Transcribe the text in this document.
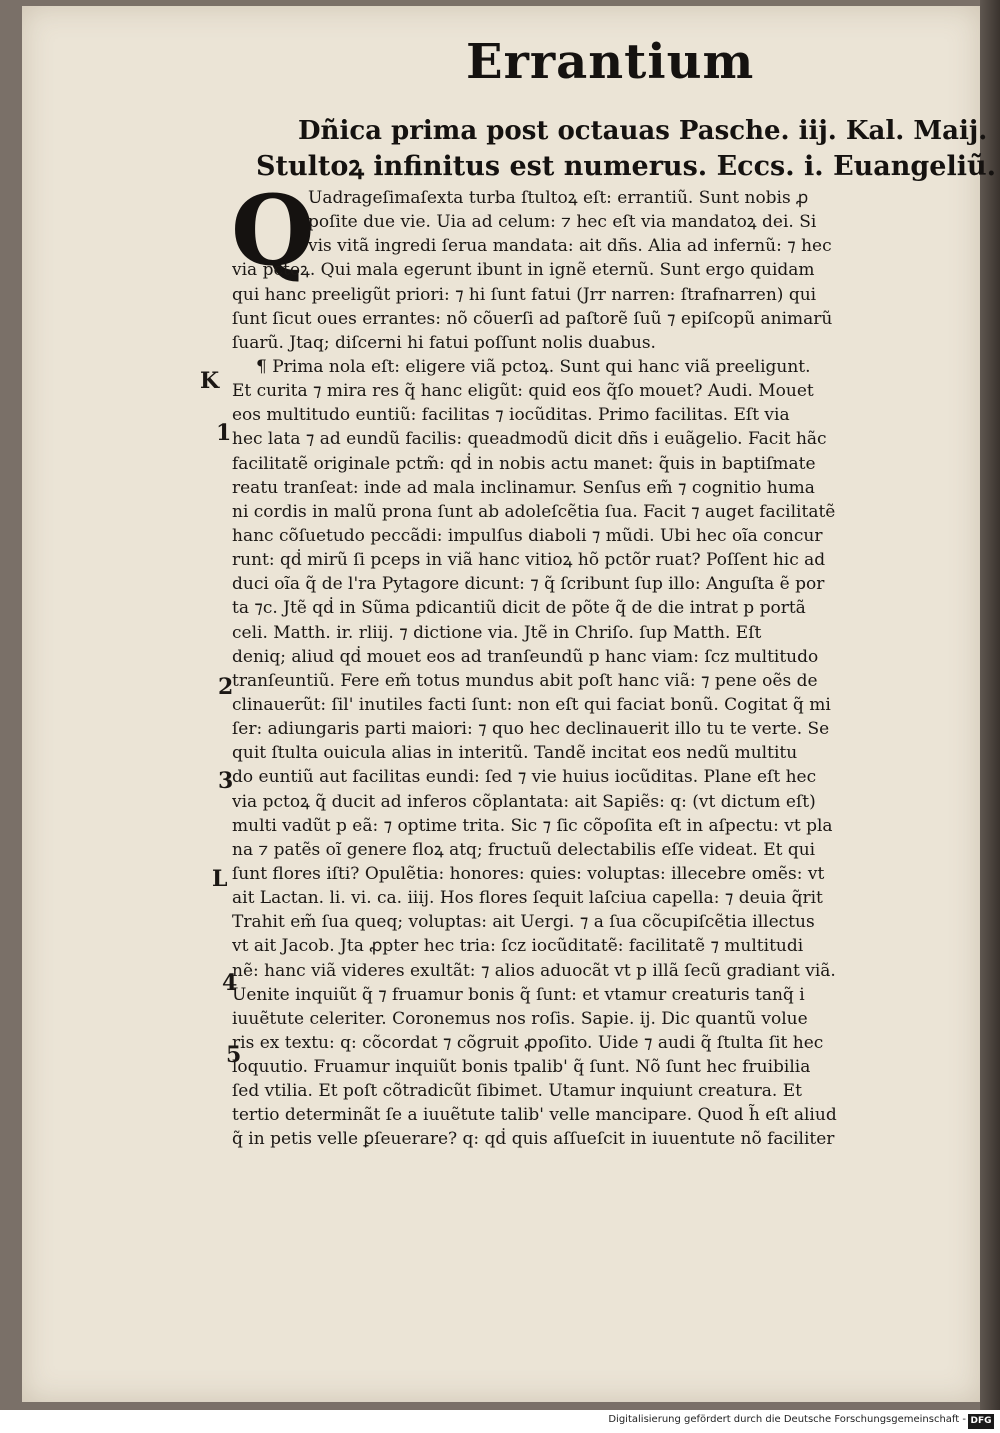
Errantium
Dñica prima post octauas Pasche. iij. Kal. Maij.
Stultoꝝ infinitus est numerus. Eccs. i. Euangeliũ.
Q
Uadrageſimaſexta turba ſtultoꝝ eſt: errantiũ. Sunt nobis ꝓ
poſite due vie. Uia ad celum: ⁊ hec eſt via mandatoꝝ dei. Si
vis vitã ingredi ſerua mandata: ait dñs. Alia ad infernũ: ⁊ hec
via pctoꝝ. Qui mala egerunt ibunt in ignẽ eternũ. Sunt ergo quidam
qui hanc preeligũt priori: ⁊ hi ſunt fatui (Jrr narren: ſtrafnarren) qui
ſunt ſicut oues errantes: nõ cõuerſi ad paſtorẽ ſuũ ⁊ epiſcopũ animarũ
ſuarũ. Jtaq; diſcerni hi fatui poſſunt nolis duabus.
¶ Prima nola eſt: eligere viã pctoꝝ. Sunt qui hanc viã preeligunt.
Et curita ⁊ mira res q̃ hanc eligũt: quid eos q̃ſo mouet? Audi. Mouet
eos multitudo euntiũ: facilitas ⁊ iocũditas. Primo facilitas. Eſt via
hec lata ⁊ ad eundũ facilis: queadmodũ dicit dñs i euãgelio. Facit hãc
facilitatẽ originale pctm̃: qḋ in nobis actu manet: q̃uis in baptiſmate
reatu tranſeat: inde ad mala inclinamur. Senſus em̃ ⁊ cognitio huma
ni cordis in malũ prona ſunt ab adoleſcẽtia ſua. Facit ⁊ auget facilitatẽ
hanc cõſuetudo peccãdi: impulſus diaboli ⁊ mũdi. Ubi hec oĩa concur
runt: qḋ mirũ ſi pceps in viã hanc vitioꝝ hõ pctõr ruat? Poſſent hic ad
duci oĩa q̃ de l'ra Pytagore dicunt: ⁊ q̃ ſcribunt ſup illo: Anguſta ẽ por
ta ⁊c. Jtẽ qḋ in Sũma pdicantiũ dicit de põte q̃ de die intrat p portã
celi. Matth. ir. rliij. ⁊ dictione via. Jtẽ in Chriſo. ſup Matth. Eſt
deniq; aliud qḋ mouet eos ad tranſeundũ p hanc viam: ſcz multitudo
tranſeuntiũ. Fere em̃ totus mundus abit poſt hanc viã: ⁊ pene oẽs de
clinauerũt: ſil' inutiles facti ſunt: non eſt qui faciat bonũ. Cogitat q̃ mi
ſer: adiungaris parti maiori: ⁊ quo hec declinauerit illo tu te verte. Se
quit ſtulta ouicula alias in interitũ. Tandẽ incitat eos nedũ multitu
do euntiũ aut facilitas eundi: ſed ⁊ vie huius iocũditas. Plane eſt hec
via pctoꝝ q̃ ducit ad inferos cõplantata: ait Sapiẽs: q: (vt dictum eſt)
multi vadũt p eã: ⁊ optime trita. Sic ⁊ ſic cõpoſita eſt in aſpectu: vt pla
na ⁊ patẽs oĩ genere floꝝ atq; fructuũ delectabilis eſſe videat. Et qui
ſunt flores iſti? Opulẽtia: honores: quies: voluptas: illecebre omẽs: vt
ait Lactan. li. vi. ca. iiij. Hos flores ſequit laſciua capella: ⁊ deuia q̃rit
Trahit em̃ ſua queq; voluptas: ait Uergi. ⁊ a ſua cõcupiſcẽtia illectus
vt ait Jacob. Jta ꝓpter hec tria: ſcz iocũditatẽ: facilitatẽ ⁊ multitudi
nẽ: hanc viã videres exultãt: ⁊ alios aduocãt vt p illã ſecũ gradiant viã.
Uenite inquiũt q̃ ⁊ fruamur bonis q̃ ſunt: et vtamur creaturis tanq̃ i
iuuẽtute celeriter. Coronemus nos roſis. Sapie. ij. Dic quantũ volue
ris ex textu: q: cõcordat ⁊ cõgruit ꝓpoſito. Uide ⁊ audi q̃ ſtulta ſit hec
loquutio. Fruamur inquiũt bonis tpalib' q̃ ſunt. Nõ ſunt hec fruibilia
ſed vtilia. Et poſt cõtradicũt ſibimet. Utamur inquiunt creatura. Et
tertio determinãt ſe a iuuẽtute talib' velle mancipare. Quod h̃ eſt aliud
q̃ in petis velle ꝑſeuerare? q: qḋ quis aſſueſcit in iuuentute nõ faciliter
K
1
2
3
L
4
5
Digitalisierung gefördert durch die Deutsche Forschungsgemeinschaft - DFG
